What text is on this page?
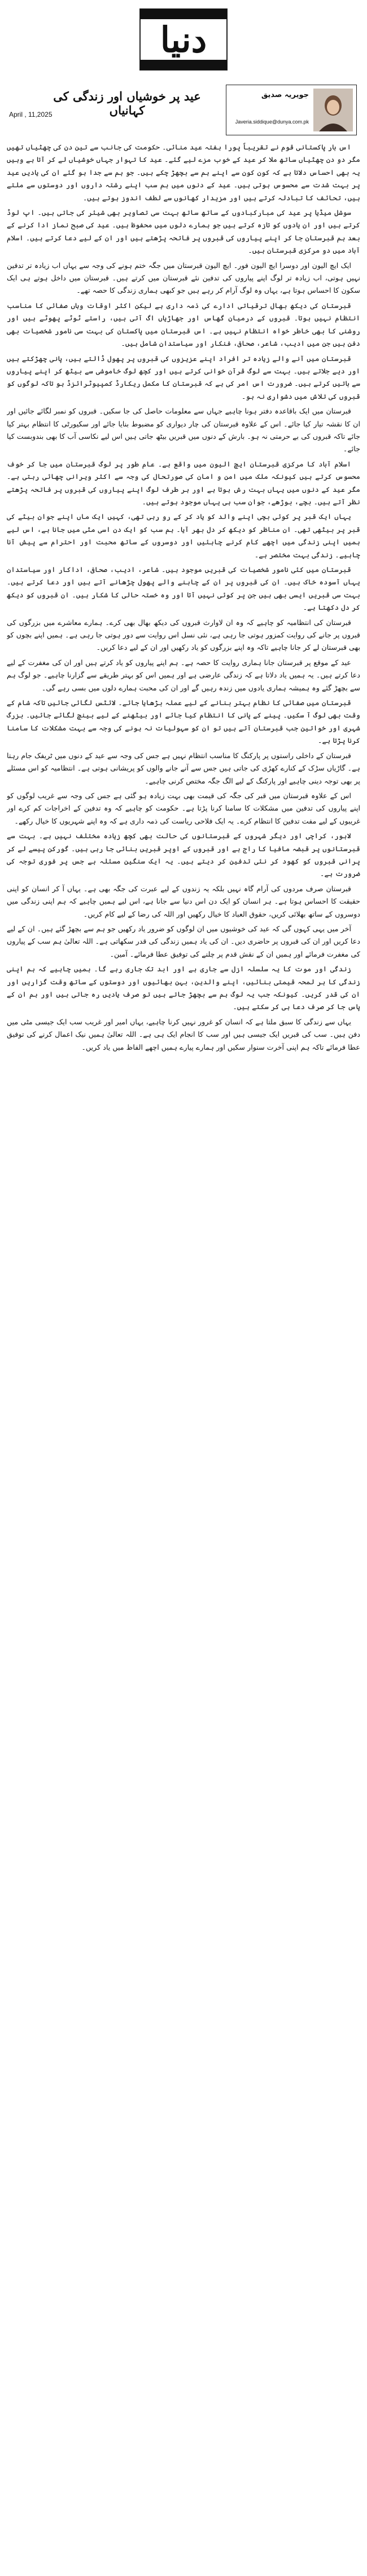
دنیا
جویریہ صدیق
Javeria.siddique@dunya.com.pk
عید پر خوشیاں اور زندگی کی کہانیاں
April , 11,2025

اس بار پاکستانی قوم نے تقریباً پورا ہفتہ عید منائی۔ حکومت کی جانب سے تین دن کی چھٹیاں تھیں مگر دو دن چھٹیاں ساتھ ملا کر عید کے خوب مزے لیے گئے۔ عید کا تہوار جہاں خوشیاں لے کر آتا ہے وہیں یہ بھی احساس دلاتا ہے کہ کون کون سے اپنے ہم سے بچھڑ چکے ہیں۔ جو ہم سے جدا ہو گئے ان کی یادیں عید پر بہت شدت سے محسوس ہوتی ہیں۔ عید کے دنوں میں ہم سب اپنے رشتہ داروں اور دوستوں سے ملتے ہیں، تحائف کا تبادلہ کرتے ہیں اور مزیدار کھانوں سے لطف اندوز ہوتے ہیں۔

سوشل میڈیا پر عید کی مبارکبادوں کے ساتھ ساتھ بہت سی تصاویر بھی شیئر کی جاتی ہیں۔ اپ لوڈ کرتے ہیں اور ان یادوں کو تازہ کرتے ہیں جو ہمارے دلوں میں محفوظ ہیں۔ عید کی صبح نماز ادا کرنے کے بعد ہم قبرستان جا کر اپنے پیاروں کی قبروں پر فاتحہ پڑھتے ہیں اور ان کے لیے دعا کرتے ہیں۔ اسلام آباد میں دو مرکزی قبرستان ہیں۔

ایک ایچ الیون اور دوسرا ایچ الیون فور۔ ایچ الیون قبرستان میں جگہ ختم ہونے کی وجہ سے یہاں اب زیادہ تر تدفین نہیں ہوتی، اب زیادہ تر لوگ اپنے پیاروں کی تدفین نئے قبرستان میں کرتے ہیں۔ قبرستان میں داخل ہوتے ہی ایک سکون کا احساس ہوتا ہے، یہاں وہ لوگ آرام کر رہے ہیں جو کبھی ہماری زندگی کا حصہ تھے۔

قبرستان کی دیکھ بھال ترقیاتی ادارے کی ذمہ داری ہے لیکن اکثر اوقات وہاں صفائی کا مناسب انتظام نہیں ہوتا۔ قبروں کے درمیان گھاس اور جھاڑیاں اگ آتی ہیں، راستے ٹوٹے پھوٹے ہیں اور روشنی کا بھی خاطر خواہ انتظام نہیں ہے۔ اس قبرستان میں پاکستان کی بہت سی نامور شخصیات بھی دفن ہیں جن میں ادیب، شاعر، صحافی، فنکار اور سیاستدان شامل ہیں۔

قبرستان میں آنے والے زیادہ تر افراد اپنے عزیزوں کی قبروں پر پھول ڈالتے ہیں، پانی چھڑکتے ہیں اور دیے جلاتے ہیں۔ بہت سے لوگ قرآن خوانی کرتے ہیں اور کچھ لوگ خاموشی سے بیٹھ کر اپنے پیاروں سے باتیں کرتے ہیں۔ ضرورت اس امر کی ہے کہ قبرستان کا مکمل ریکارڈ کمپیوٹرائزڈ ہو تاکہ لوگوں کو قبروں کی تلاش میں دشواری نہ ہو۔

قبرستان میں ایک باقاعدہ دفتر ہونا چاہیے جہاں سے معلومات حاصل کی جا سکیں۔ قبروں کو نمبر لگائے جائیں اور ان کا نقشہ تیار کیا جائے۔ اس کے علاوہ قبرستان کی چار دیواری کو مضبوط بنایا جائے اور سکیورٹی کا انتظام بہتر کیا جائے تاکہ قبروں کی بے حرمتی نہ ہو۔ بارش کے دنوں میں قبریں بیٹھ جاتی ہیں اس لیے نکاسی آب کا بھی بندوبست کیا جائے۔

اسلام آباد کا مرکزی قبرستان ایچ الیون میں واقع ہے۔ عام طور پر لوگ قبرستان میں جا کر خوف محسوس کرتے ہیں کیونکہ ملک میں امن و امان کی صورتحال کی وجہ سے اکثر ویرانی چھائی رہتی ہے۔ مگر عید کے دنوں میں یہاں بہت رش ہوتا ہے اور ہر طرف لوگ اپنے پیاروں کی قبروں پر فاتحہ پڑھتے نظر آتے ہیں۔ بچے، بوڑھے، جوان سب ہی یہاں موجود ہوتے ہیں۔

یہاں ایک قبر پر کوئی بچی اپنے والد کو یاد کر کے رو رہی تھی، کہیں ایک ماں اپنے جوان بیٹے کی قبر پر بیٹھی تھی۔ ان مناظر کو دیکھ کر دل بھر آیا۔ ہم سب کو ایک دن اسی مٹی میں جانا ہے، اس لیے ہمیں اپنی زندگی میں اچھے کام کرنے چاہئیں اور دوسروں کے ساتھ محبت اور احترام سے پیش آنا چاہیے۔ زندگی بہت مختصر ہے۔

قبرستان میں کئی نامور شخصیات کی قبریں موجود ہیں۔ شاعر، ادیب، صحافی، اداکار اور سیاستدان یہاں آسودہ خاک ہیں۔ ان کی قبروں پر ان کے چاہنے والے پھول چڑھانے آتے ہیں اور دعا کرتے ہیں۔ بہت سی قبریں ایسی بھی ہیں جن پر کوئی نہیں آتا اور وہ خستہ حالی کا شکار ہیں۔ ان قبروں کو دیکھ کر دل دکھتا ہے۔

قبرستان کی انتظامیہ کو چاہیے کہ وہ ان لاوارث قبروں کی دیکھ بھال بھی کرے۔ ہمارے معاشرے میں بزرگوں کی قبروں پر جانے کی روایت کمزور ہوتی جا رہی ہے، نئی نسل اس روایت سے دور ہوتی جا رہی ہے۔ ہمیں اپنے بچوں کو بھی قبرستان لے کر جانا چاہیے تاکہ وہ اپنے بزرگوں کو یاد رکھیں اور ان کے لیے دعا کریں۔

عید کے موقع پر قبرستان جانا ہماری روایت کا حصہ ہے۔ ہم اپنے پیاروں کو یاد کرتے ہیں اور ان کی مغفرت کے لیے دعا کرتے ہیں۔ یہ ہمیں یاد دلاتا ہے کہ زندگی عارضی ہے اور ہمیں اس کو بہتر طریقے سے گزارنا چاہیے۔ جو لوگ ہم سے بچھڑ گئے وہ ہمیشہ ہماری یادوں میں زندہ رہیں گے اور ان کی محبت ہمارے دلوں میں بسی رہے گی۔

قبرستان میں صفائی کا نظام بہتر بنانے کے لیے عملہ بڑھایا جائے۔ لائٹس لگائی جائیں تاکہ شام کے وقت بھی لوگ آ سکیں۔ پینے کے پانی کا انتظام کیا جائے اور بیٹھنے کے لیے بینچ لگائے جائیں۔ بزرگ شہری اور خواتین جب قبرستان آتے ہیں تو ان کو سہولیات نہ ہونے کی وجہ سے بہت مشکلات کا سامنا کرنا پڑتا ہے۔

قبرستان کے داخلی راستوں پر پارکنگ کا مناسب انتظام نہیں ہے جس کی وجہ سے عید کے دنوں میں ٹریفک جام رہتا ہے۔ گاڑیاں سڑک کے کنارے کھڑی کی جاتی ہیں جس سے آنے جانے والوں کو پریشانی ہوتی ہے۔ انتظامیہ کو اس مسئلے پر بھی توجہ دینی چاہیے اور پارکنگ کے لیے الگ جگہ مختص کرنی چاہیے۔

اس کے علاوہ قبرستان میں قبر کی جگہ کی قیمت بھی بہت زیادہ ہو گئی ہے جس کی وجہ سے غریب لوگوں کو اپنے پیاروں کی تدفین میں مشکلات کا سامنا کرنا پڑتا ہے۔ حکومت کو چاہیے کہ وہ تدفین کے اخراجات کم کرے اور غریبوں کے لیے مفت تدفین کا انتظام کرے۔ یہ ایک فلاحی ریاست کی ذمہ داری ہے کہ وہ اپنے شہریوں کا خیال رکھے۔

لاہور، کراچی اور دیگر شہروں کے قبرستانوں کی حالت بھی کچھ زیادہ مختلف نہیں ہے۔ بہت سے قبرستانوں پر قبضہ مافیا کا راج ہے اور قبروں کے اوپر قبریں بنائی جا رہی ہیں۔ گورکن پیسے لے کر پرانی قبروں کو کھود کر نئی تدفین کر دیتے ہیں۔ یہ ایک سنگین مسئلہ ہے جس پر فوری توجہ کی ضرورت ہے۔

قبرستان صرف مردوں کی آرام گاہ نہیں بلکہ یہ زندوں کے لیے عبرت کی جگہ بھی ہے۔ یہاں آ کر انسان کو اپنی حقیقت کا احساس ہوتا ہے۔ ہر انسان کو ایک دن اس دنیا سے جانا ہے، اس لیے ہمیں چاہیے کہ ہم اپنی زندگی میں دوسروں کے ساتھ بھلائی کریں، حقوق العباد کا خیال رکھیں اور اللہ کی رضا کے لیے کام کریں۔

آخر میں یہی کہوں گی کہ عید کی خوشیوں میں ان لوگوں کو ضرور یاد رکھیں جو ہم سے بچھڑ گئے ہیں۔ ان کے لیے دعا کریں اور ان کی قبروں پر حاضری دیں۔ ان کی یاد ہمیں زندگی کی قدر سکھاتی ہے۔ اللہ تعالیٰ ہم سب کے پیاروں کی مغفرت فرمائے اور ہمیں ان کے نقش قدم پر چلنے کی توفیق عطا فرمائے۔ آمین۔

زندگی اور موت کا یہ سلسلہ ازل سے جاری ہے اور ابد تک جاری رہے گا۔ ہمیں چاہیے کہ ہم اپنی زندگی کا ہر لمحہ قیمتی بنائیں، اپنے والدین، بہن بھائیوں اور دوستوں کے ساتھ وقت گزاریں اور ان کی قدر کریں۔ کیونکہ جب یہ لوگ ہم سے بچھڑ جاتے ہیں تو صرف یادیں رہ جاتی ہیں اور ہم ان کے پاس جا کر صرف دعا ہی کر سکتے ہیں۔

یہاں سے زندگی کا سبق ملتا ہے کہ انسان کو غرور نہیں کرنا چاہیے، یہاں امیر اور غریب سب ایک جیسی مٹی میں دفن ہیں۔ سب کی قبریں ایک جیسی ہیں اور سب کا انجام ایک ہی ہے۔ اللہ تعالیٰ ہمیں نیک اعمال کرنے کی توفیق عطا فرمائے تاکہ ہم اپنی آخرت سنوار سکیں اور ہمارے پیارے ہمیں اچھے الفاظ میں یاد کریں۔
